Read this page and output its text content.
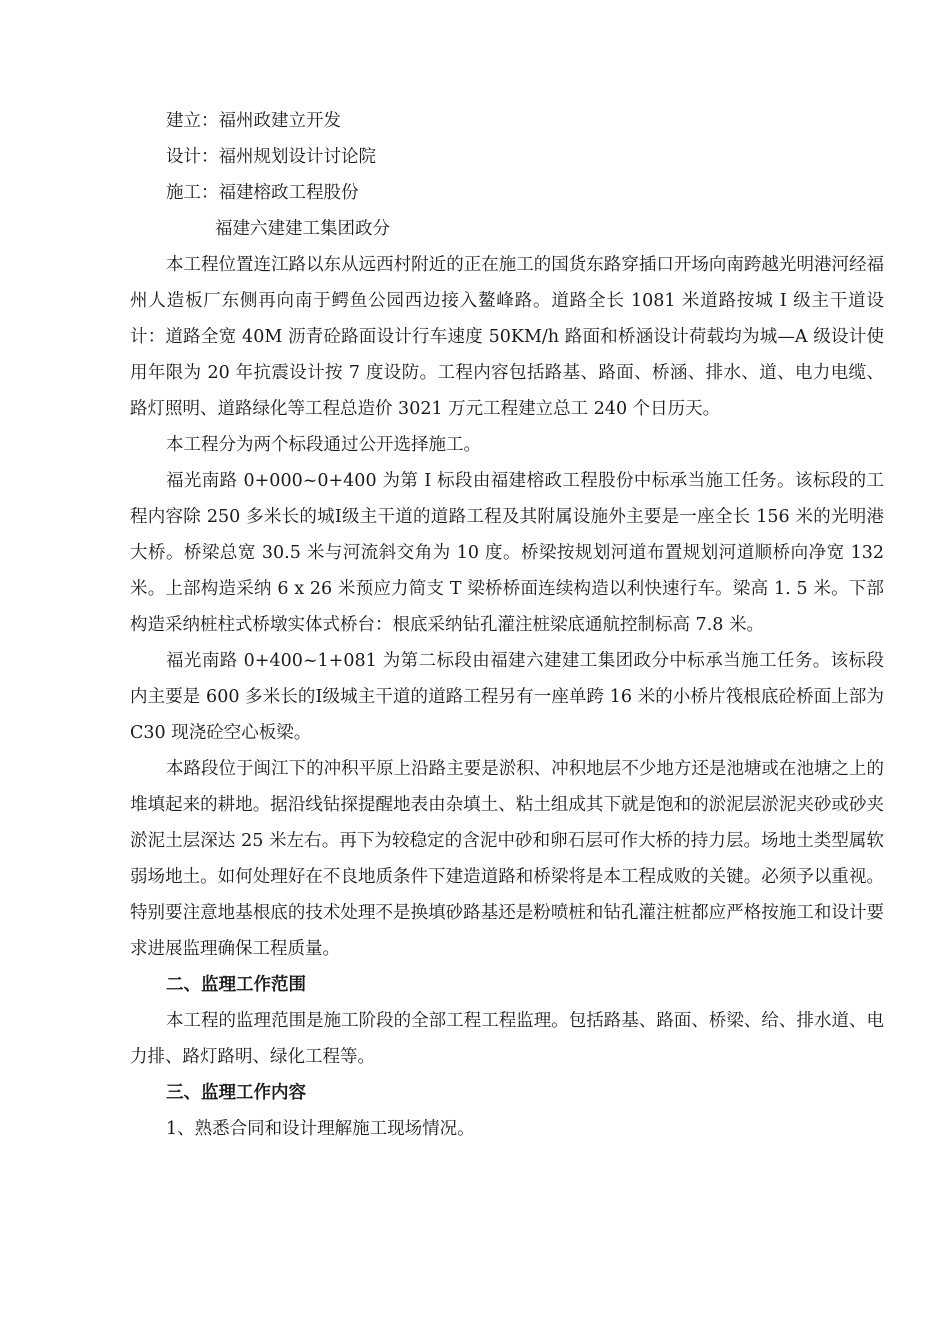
建立：福州政建立开发
设计：福州规划设计讨论院
施工：福建榕政工程股份
福建六建建工集团政分

本工程位置连江路以东从远西村附近的正在施工的国货东路穿插口开场向南跨越光明港河经福州人造板厂东侧再向南于鳄鱼公园西边接入鳌峰路。道路全长 1081 米道路按城 I 级主干道设计：道路全宽 40M 沥青砼路面设计行车速度 50KM/h 路面和桥涵设计荷载均为城—A 级设计使用年限为 20 年抗震设计按 7 度设防。工程内容包括路基、路面、桥涵、排水、道、电力电缆、路灯照明、道路绿化等工程总造价 3021 万元工程建立总工 240 个日历天。

本工程分为两个标段通过公开选择施工。

福光南路 0+000~0+400 为第 I 标段由福建榕政工程股份中标承当施工任务。该标段的工程内容除 250 多米长的城Ⅰ级主干道的道路工程及其附属设施外主要是一座全长 156 米的光明港大桥。桥梁总宽 30.5 米与河流斜交角为 10 度。桥梁按规划河道布置规划河道顺桥向净宽 132 米。上部构造采纳 6 x 26 米预应力简支 T 梁桥桥面连续构造以利快速行车。梁高 1. 5 米。下部构造采纳桩柱式桥墩实体式桥台：根底采纳钻孔灌注桩梁底通航控制标高 7.8 米。

福光南路 0+400~1+081 为第二标段由福建六建建工集团政分中标承当施工任务。该标段内主要是 600 多米长的Ⅰ级城主干道的道路工程另有一座单跨 16 米的小桥片筏根底砼桥面上部为 C30 现浇砼空心板梁。

本路段位于闽江下的冲积平原上沿路主要是淤积、冲积地层不少地方还是池塘或在池塘之上的堆填起来的耕地。据沿线钻探提醒地表由杂填土、粘土组成其下就是饱和的淤泥层淤泥夹砂或砂夹淤泥土层深达 25 米左右。再下为较稳定的含泥中砂和卵石层可作大桥的持力层。场地土类型属软弱场地土。如何处理好在不良地质条件下建造道路和桥梁将是本工程成败的关键。必须予以重视。特别要注意地基根底的技术处理不是换填砂路基还是粉喷桩和钻孔灌注桩都应严格按施工和设计要求进展监理确保工程质量。

二、监理工作范围

本工程的监理范围是施工阶段的全部工程工程监理。包括路基、路面、桥梁、给、排水道、电力排、路灯路明、绿化工程等。

三、监理工作内容

1、熟悉合同和设计理解施工现场情况。
